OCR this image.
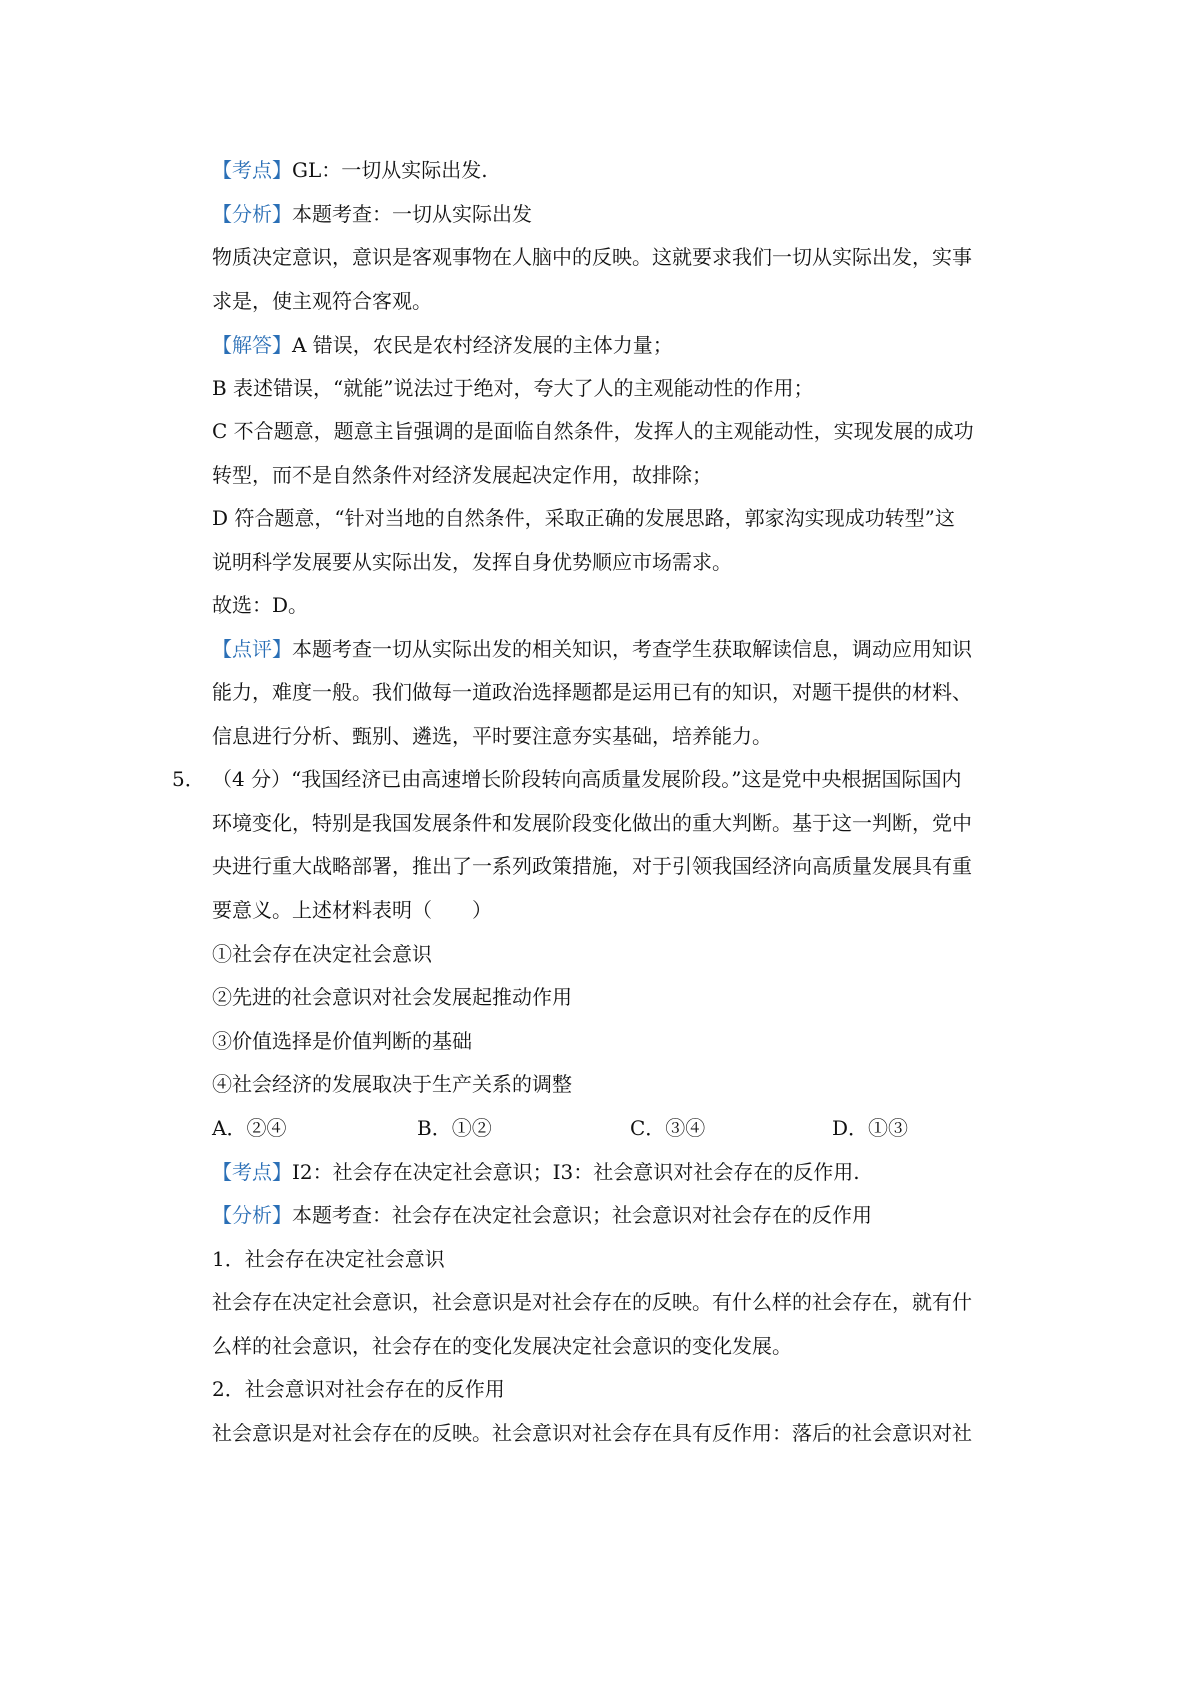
【考点】GL：一切从实际出发.
【分析】本题考查：一切从实际出发
物质决定意识，意识是客观事物在人脑中的反映。这就要求我们一切从实际出发，实事
求是，使主观符合客观。
【解答】A 错误，农民是农村经济发展的主体力量；
B 表述错误，“就能”说法过于绝对，夸大了人的主观能动性的作用；
C 不合题意，题意主旨强调的是面临自然条件，发挥人的主观能动性，实现发展的成功
转型，而不是自然条件对经济发展起决定作用，故排除；
D 符合题意，“针对当地的自然条件，采取正确的发展思路，郭家沟实现成功转型”这
说明科学发展要从实际出发，发挥自身优势顺应市场需求。
故选：D。
【点评】本题考查一切从实际出发的相关知识，考查学生获取解读信息，调动应用知识
能力，难度一般。我们做每一道政治选择题都是运用已有的知识，对题干提供的材料、
信息进行分析、甄别、遴选，平时要注意夯实基础，培养能力。
5． （4 分）“我国经济已由高速增长阶段转向高质量发展阶段。”这是党中央根据国际国内
环境变化，特别是我国发展条件和发展阶段变化做出的重大判断。基于这一判断，党中
央进行重大战略部署，推出了一系列政策措施，对于引领我国经济向高质量发展具有重
要意义。上述材料表明（　　）
①社会存在决定社会意识
②先进的社会意识对社会发展起推动作用
③价值选择是价值判断的基础
④社会经济的发展取决于生产关系的调整
A．②④	B．①②	C．③④	D．①③
【考点】I2：社会存在决定社会意识；I3：社会意识对社会存在的反作用.
【分析】本题考查：社会存在决定社会意识；社会意识对社会存在的反作用
1．社会存在决定社会意识
社会存在决定社会意识，社会意识是对社会存在的反映。有什么样的社会存在，就有什
么样的社会意识，社会存在的变化发展决定社会意识的变化发展。
2．社会意识对社会存在的反作用
社会意识是对社会存在的反映。社会意识对社会存在具有反作用：落后的社会意识对社
